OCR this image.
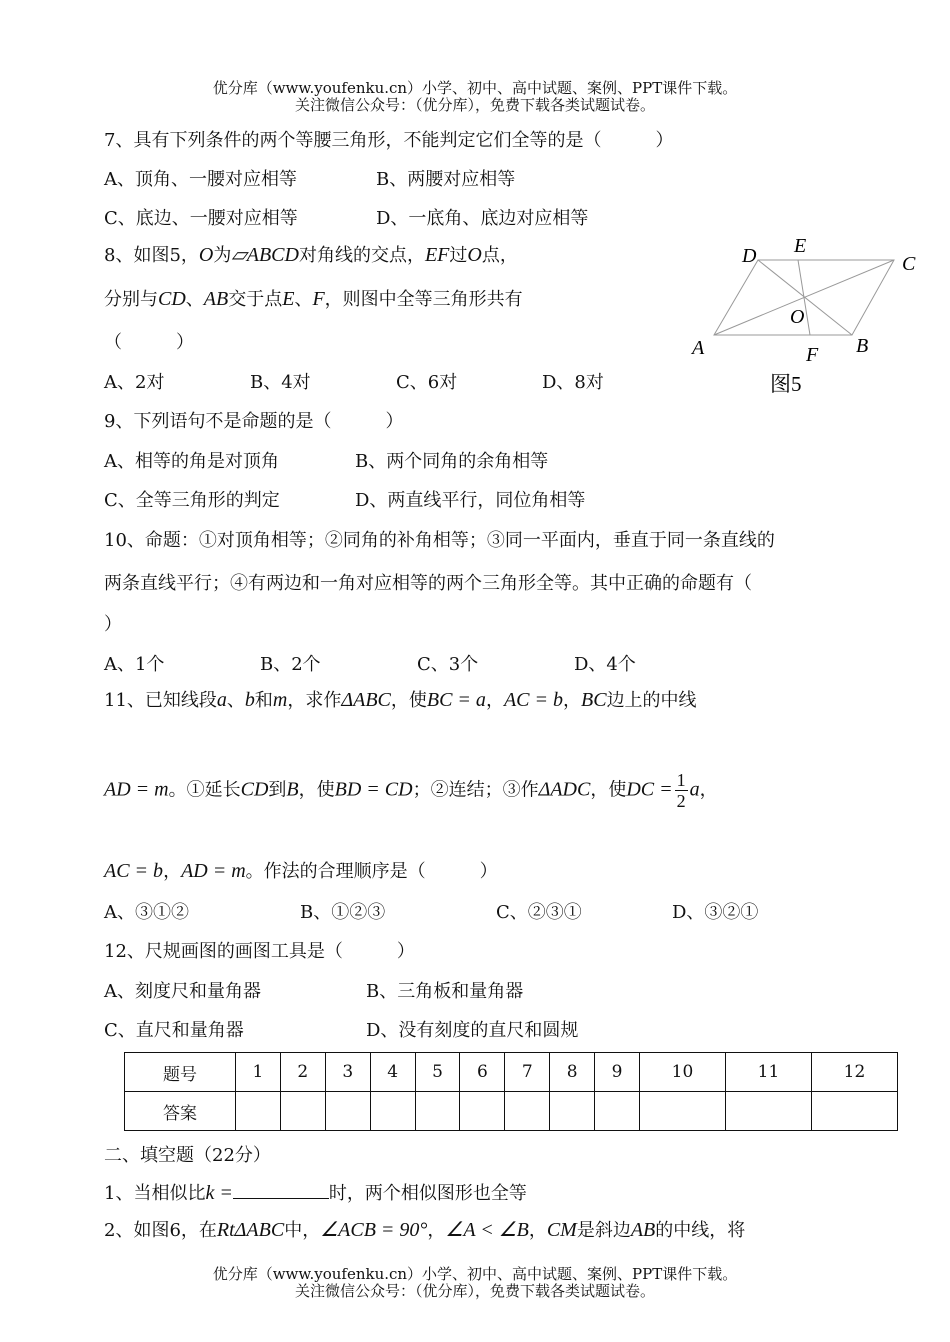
优分库（www.youfenku.cn）小学、初中、高中试题、案例、PPT课件下载。
关注微信公众号：（优分库），免费下载各类试题试卷。
7、具有下列条件的两个等腰三角形，不能判定它们全等的是（　　　）
A、顶角、一腰对应相等	B、两腰对应相等
C、底边、一腰对应相等	D、一底角、底边对应相等
8、如图5，O为▱ABCD对角线的交点，EF过O点，
分别与CD、AB交于点E、F，则图中全等三角形共有
（　　　）
A、2对	B、4对	C、6对	D、8对
D E
C
O
A	F B
图5
9、下列语句不是命题的是（　　　）
A、相等的角是对顶角	B、两个同角的余角相等
C、全等三角形的判定	D、两直线平行，同位角相等
10、命题：①对顶角相等；②同角的补角相等；③同一平面内，垂直于同一条直线的
两条直线平行；④有两边和一角对应相等的两个三角形全等。其中正确的命题有（
）
A、1个	B、2个	C、3个	D、4个
11、已知线段a、b和m，求作ΔABC，使BC = a，AC = b，BC边上的中线
AD = m。①延长CD到B，使BD = CD；②连结；③作ΔADC，使DC = $\frac{1}{2}$ a，
AC = b，AD = m。作法的合理顺序是（　　　）
A、③①②	B、①②③	C、②③①	D、③②①
12、尺规画图的画图工具是（　　　）
A、刻度尺和量角器	B、三角板和量角器
C、直尺和量角器	D、没有刻度的直尺和圆规
题号	1	2	3	4	5	6	7	8	9	10	11	12
答案												
二、填空题（22分）
1、当相似比k =	时，两个相似图形也全等
2、如图6，在RtΔABC中，∠ACB = 90°，∠A < ∠B，CM是斜边AB的中线，将
优分库（www.youfenku.cn）小学、初中、高中试题、案例、PPT课件下载。
关注微信公众号：（优分库），免费下载各类试题试卷。
